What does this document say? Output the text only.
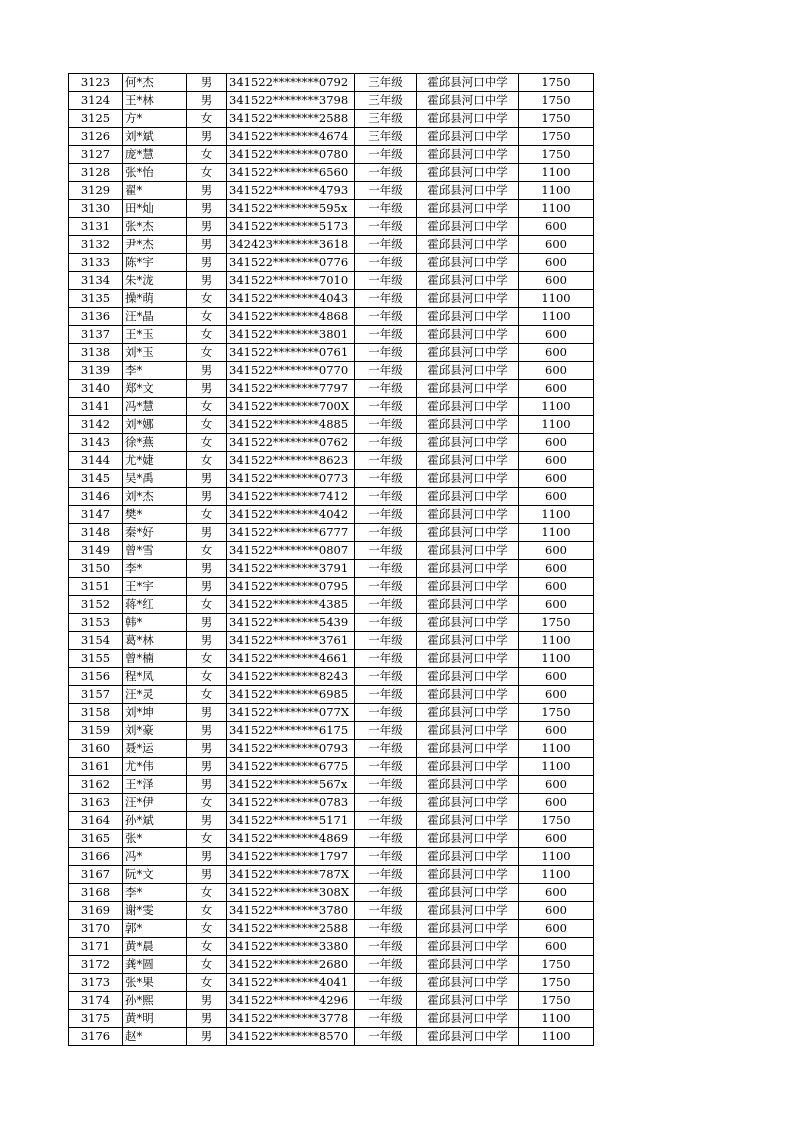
3123	何*杰	男	341522********0792	三年级	霍邱县河口中学	1750
3124	王*林	男	341522********3798	三年级	霍邱县河口中学	1750
3125	方*	女	341522********2588	三年级	霍邱县河口中学	1750
3126	刘*斌	男	341522********4674	三年级	霍邱县河口中学	1750
3127	庞*慧	女	341522********0780	一年级	霍邱县河口中学	1750
3128	张*怡	女	341522********6560	一年级	霍邱县河口中学	1100
3129	翟*	男	341522********4793	一年级	霍邱县河口中学	1100
3130	田*灿	男	341522********595x	一年级	霍邱县河口中学	1100
3131	张*杰	男	341522********5173	一年级	霍邱县河口中学	600
3132	尹*杰	男	342423********3618	一年级	霍邱县河口中学	600
3133	陈*宇	男	341522********0776	一年级	霍邱县河口中学	600
3134	朱*泷	男	341522********7010	一年级	霍邱县河口中学	600
3135	操*萌	女	341522********4043	一年级	霍邱县河口中学	1100
3136	汪*晶	女	341522********4868	一年级	霍邱县河口中学	1100
3137	王*玉	女	341522********3801	一年级	霍邱县河口中学	600
3138	刘*玉	女	341522********0761	一年级	霍邱县河口中学	600
3139	李*	男	341522********0770	一年级	霍邱县河口中学	600
3140	郑*文	男	341522********7797	一年级	霍邱县河口中学	600
3141	冯*慧	女	341522********700X	一年级	霍邱县河口中学	1100
3142	刘*娜	女	341522********4885	一年级	霍邱县河口中学	1100
3143	徐*燕	女	341522********0762	一年级	霍邱县河口中学	600
3144	尤*婕	女	341522********8623	一年级	霍邱县河口中学	600
3145	吴*禹	男	341522********0773	一年级	霍邱县河口中学	600
3146	刘*杰	男	341522********7412	一年级	霍邱县河口中学	600
3147	樊*	女	341522********4042	一年级	霍邱县河口中学	1100
3148	秦*好	男	341522********6777	一年级	霍邱县河口中学	1100
3149	曾*雪	女	341522********0807	一年级	霍邱县河口中学	600
3150	李*	男	341522********3791	一年级	霍邱县河口中学	600
3151	王*宇	男	341522********0795	一年级	霍邱县河口中学	600
3152	蒋*红	女	341522********4385	一年级	霍邱县河口中学	600
3153	韩*	男	341522********5439	一年级	霍邱县河口中学	1750
3154	葛*林	男	341522********3761	一年级	霍邱县河口中学	1100
3155	曾*楠	女	341522********4661	一年级	霍邱县河口中学	1100
3156	程*凤	女	341522********8243	一年级	霍邱县河口中学	600
3157	汪*灵	女	341522********6985	一年级	霍邱县河口中学	600
3158	刘*坤	男	341522********077X	一年级	霍邱县河口中学	1750
3159	刘*豪	男	341522********6175	一年级	霍邱县河口中学	600
3160	聂*运	男	341522********0793	一年级	霍邱县河口中学	1100
3161	尤*伟	男	341522********6775	一年级	霍邱县河口中学	1100
3162	王*泽	男	341522********567x	一年级	霍邱县河口中学	600
3163	汪*伊	女	341522********0783	一年级	霍邱县河口中学	600
3164	孙*斌	男	341522********5171	一年级	霍邱县河口中学	1750
3165	张*	女	341522********4869	一年级	霍邱县河口中学	600
3166	冯*	男	341522********1797	一年级	霍邱县河口中学	1100
3167	阮*文	男	341522********787X	一年级	霍邱县河口中学	1100
3168	李*	女	341522********308X	一年级	霍邱县河口中学	600
3169	谢*雯	女	341522********3780	一年级	霍邱县河口中学	600
3170	郭*	女	341522********2588	一年级	霍邱县河口中学	600
3171	黄*晨	女	341522********3380	一年级	霍邱县河口中学	600
3172	龚*圆	女	341522********2680	一年级	霍邱县河口中学	1750
3173	张*果	女	341522********4041	一年级	霍邱县河口中学	1750
3174	孙*熙	男	341522********4296	一年级	霍邱县河口中学	1750
3175	黄*明	男	341522********3778	一年级	霍邱县河口中学	1100
3176	赵*	男	341522********8570	一年级	霍邱县河口中学	1100
